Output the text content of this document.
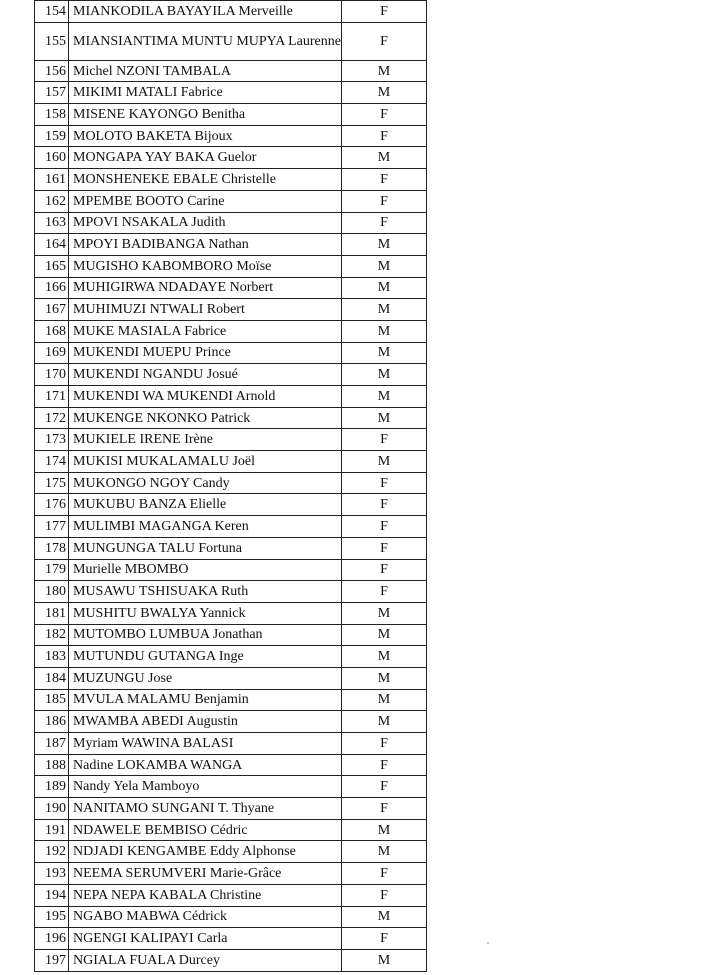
154	MIANKODILA BAYAYILA Merveille	F
155	MIANSIANTIMA MUNTU MUPYA Laurenne	F
156	Michel NZONI TAMBALA	M
157	MIKIMI MATALI Fabrice	M
158	MISENE KAYONGO Benitha	F
159	MOLOTO BAKETA Bijoux	F
160	MONGAPA YAY BAKA Guelor	M
161	MONSHENEKE EBALE Christelle	F
162	MPEMBE BOOTO Carine	F
163	MPOVI NSAKALA Judith	F
164	MPOYI BADIBANGA Nathan	M
165	MUGISHO KABOMBORO Moïse	M
166	MUHIGIRWA NDADAYE Norbert	M
167	MUHIMUZI NTWALI Robert	M
168	MUKE MASIALA Fabrice	M
169	MUKENDI MUEPU Prince	M
170	MUKENDI NGANDU Josué	M
171	MUKENDI WA MUKENDI Arnold	M
172	MUKENGE NKONKO Patrick	M
173	MUKIELE IRENE Irène	F
174	MUKISI MUKALAMALU Joël	M
175	MUKONGO NGOY Candy	F
176	MUKUBU BANZA Elielle	F
177	MULIMBI MAGANGA Keren	F
178	MUNGUNGA TALU Fortuna	F
179	Murielle MBOMBO	F
180	MUSAWU TSHISUAKA Ruth	F
181	MUSHITU BWALYA Yannick	M
182	MUTOMBO LUMBUA Jonathan	M
183	MUTUNDU GUTANGA Inge	M
184	MUZUNGU Jose	M
185	MVULA MALAMU Benjamin	M
186	MWAMBA ABEDI Augustin	M
187	Myriam WAWINA BALASI	F
188	Nadine LOKAMBA WANGA	F
189	Nandy Yela Mamboyo	F
190	NANITAMO SUNGANI T. Thyane	F
191	NDAWELE BEMBISO Cédric	M
192	NDJADI KENGAMBE Eddy Alphonse	M
193	NEEMA SERUMVERI Marie-Grâce	F
194	NEPA NEPA KABALA Christine	F
195	NGABO MABWA Cédrick	M
196	NGENGI KALIPAYI Carla	F
197	NGIALA FUALA Durcey	M
